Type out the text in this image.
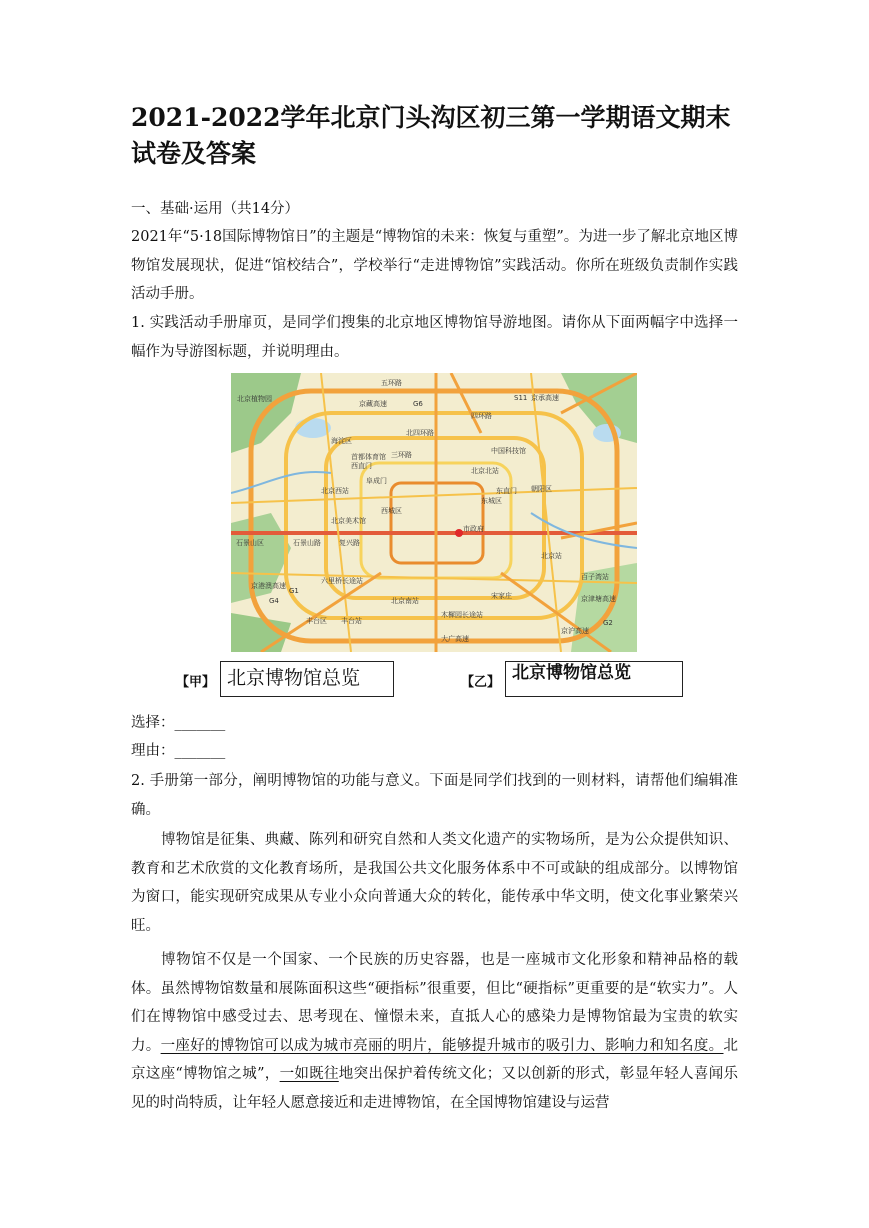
2021-2022学年北京门头沟区初三第一学期语文期末试卷及答案

一、基础·运用（共14分）

2021年“5·18国际博物馆日”的主题是“博物馆的未来：恢复与重塑”。为进一步了解北京地区博物馆发展现状，促进“馆校结合”，学校举行“走进博物馆”实践活动。你所在班级负责制作实践活动手册。

1. 实践活动手册扉页，是同学们搜集的北京地区博物馆导游地图。请你从下面两幅字中选择一幅作为导游图标题，并说明理由。

五环路
北京植物园
京藏高速	G6
S11 京承高速
四环路
三环路
北四环路
海淀区
北京西站
阜成门
西直门
东直门 朝阳区
东城区
西城区
市政府
石景山区	石景山路
丰台区
复兴路
北京南站
大广高速
G4
京港澳高速
京沪高速
G2
京津塘高速
G1
北京站
百子湾站
宋家庄
木樨园长途站
六里桥长途站
丰台站
北京北站
首都体育馆
中国科技馆
北京美术馆
【甲】 北京博物馆总览	【乙】 北京博物馆总览

选择：_______

理由：_______

2. 手册第一部分，阐明博物馆的功能与意义。下面是同学们找到的一则材料，请帮他们编辑准确。

博物馆是征集、典藏、陈列和研究自然和人类文化遗产的实物场所，是为公众提供知识、教育和艺术欣赏的文化教育场所，是我国公共文化服务体系中不可或缺的组成部分。以博物馆为窗口，能实现研究成果从专业小众向普通大众的转化，能传承中华文明，使文化事业繁荣兴旺。

博物馆不仅是一个国家、一个民族的历史容器，也是一座城市文化形象和精神品格的载体。虽然博物馆数量和展陈面积这些“硬指标”很重要，但比“硬指标”更重要的是“软实力”。人们在博物馆中感受过去、思考现在、憧憬未来，直抵人心的感染力是博物馆最为宝贵的软实力。一座好的博物馆可以成为城市亮丽的明片，能够提升城市的吸引力、影响力和知名度。北京这座“博物馆之城”，一如既往地突出保护着传统文化；又以创新的形式，彰显年轻人喜闻乐见的时尚特质，让年轻人愿意接近和走进博物馆，在全国博物馆建设与运营
